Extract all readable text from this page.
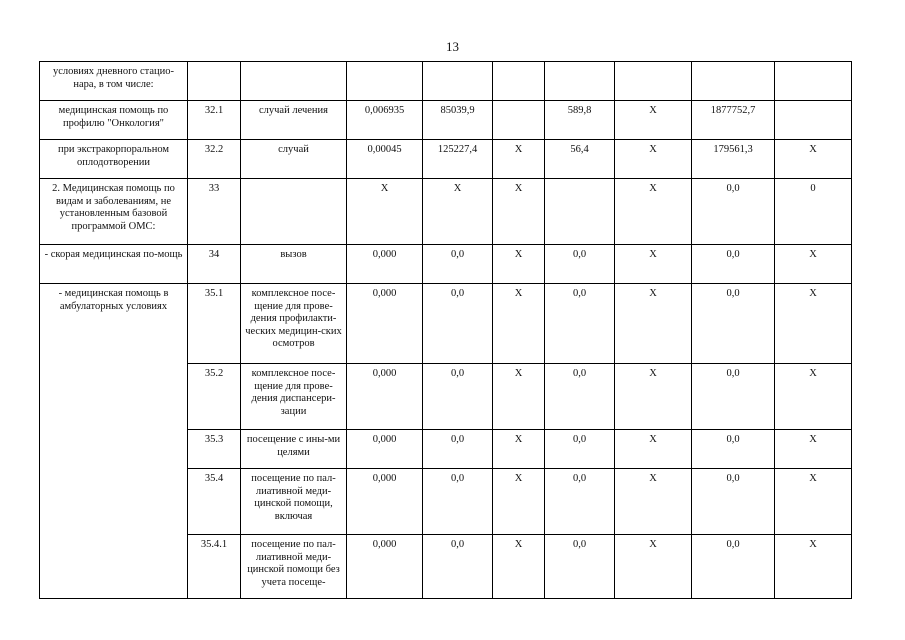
13
условиях дневного стацио-нара, в том числе:									
медицинская помощь по профилю "Онкология"	32.1	случай лечения	0,006935	85039,9		589,8	X	1877752,7	
при экстракорпоральном оплодотворении	32.2	случай	0,00045	125227,4	X	56,4	X	179561,3	X
2. Медицинская помощь по видам и заболеваниям, не установленным базовой программой ОМС:	33		X	X	X		X	0,0	0
- скорая медицинская по-мощь	34	вызов	0,000	0,0	X	0,0	X	0,0	X
- медицинская помощь в амбулаторных условиях	35.1	комплексное посе-щение для прове-дения профилакти-ческих медицин-ских осмотров	0,000	0,0	X	0,0	X	0,0	X
	35.2	комплексное посе-щение для прове-дения диспансери-зации	0,000	0,0	X	0,0	X	0,0	X
	35.3	посещение с ины-ми целями	0,000	0,0	X	0,0	X	0,0	X
	35.4	посещение по пал-лиативной меди-цинской помощи, включая	0,000	0,0	X	0,0	X	0,0	X
	35.4.1	посещение по пал-лиативной меди-цинской помощи без учета посеще-	0,000	0,0	X	0,0	X	0,0	X
